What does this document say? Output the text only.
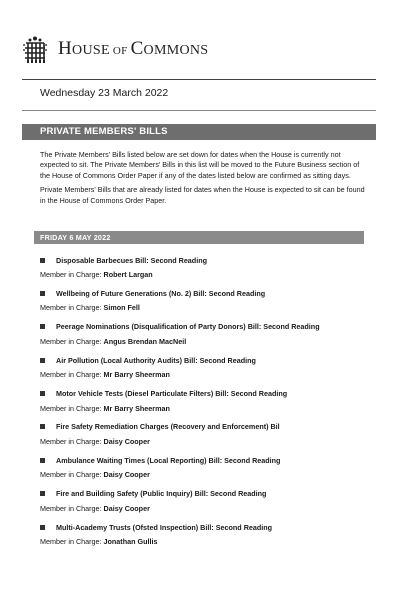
HOUSE OF COMMONS
Wednesday 23 March 2022
PRIVATE MEMBERS' BILLS

The Private Members' Bills listed below are set down for dates when the House is currently not expected to sit. The Private Members' Bills in this list will be moved to the Future Business section of the House of Commons Order Paper if any of the dates listed below are confirmed as sitting days.

Private Members' Bills that are already listed for dates when the House is expected to sit can be found in the House of Commons Order Paper.

FRIDAY 6 MAY 2022
Disposable Barbecues Bill: Second Reading
Member in Charge: Robert Largan
Wellbeing of Future Generations (No. 2) Bill: Second Reading
Member in Charge: Simon Fell
Peerage Nominations (Disqualification of Party Donors) Bill: Second Reading
Member in Charge: Angus Brendan MacNeil
Air Pollution (Local Authority Audits) Bill: Second Reading
Member in Charge: Mr Barry Sheerman
Motor Vehicle Tests (Diesel Particulate Filters) Bill: Second Reading
Member in Charge: Mr Barry Sheerman
Fire Safety Remediation Charges (Recovery and Enforcement) Bil
Member in Charge: Daisy Cooper
Ambulance Waiting Times (Local Reporting) Bill: Second Reading
Member in Charge: Daisy Cooper
Fire and Building Safety (Public Inquiry) Bill: Second Reading
Member in Charge: Daisy Cooper
Multi-Academy Trusts (Ofsted Inspection) Bill: Second Reading
Member in Charge: Jonathan Gullis
